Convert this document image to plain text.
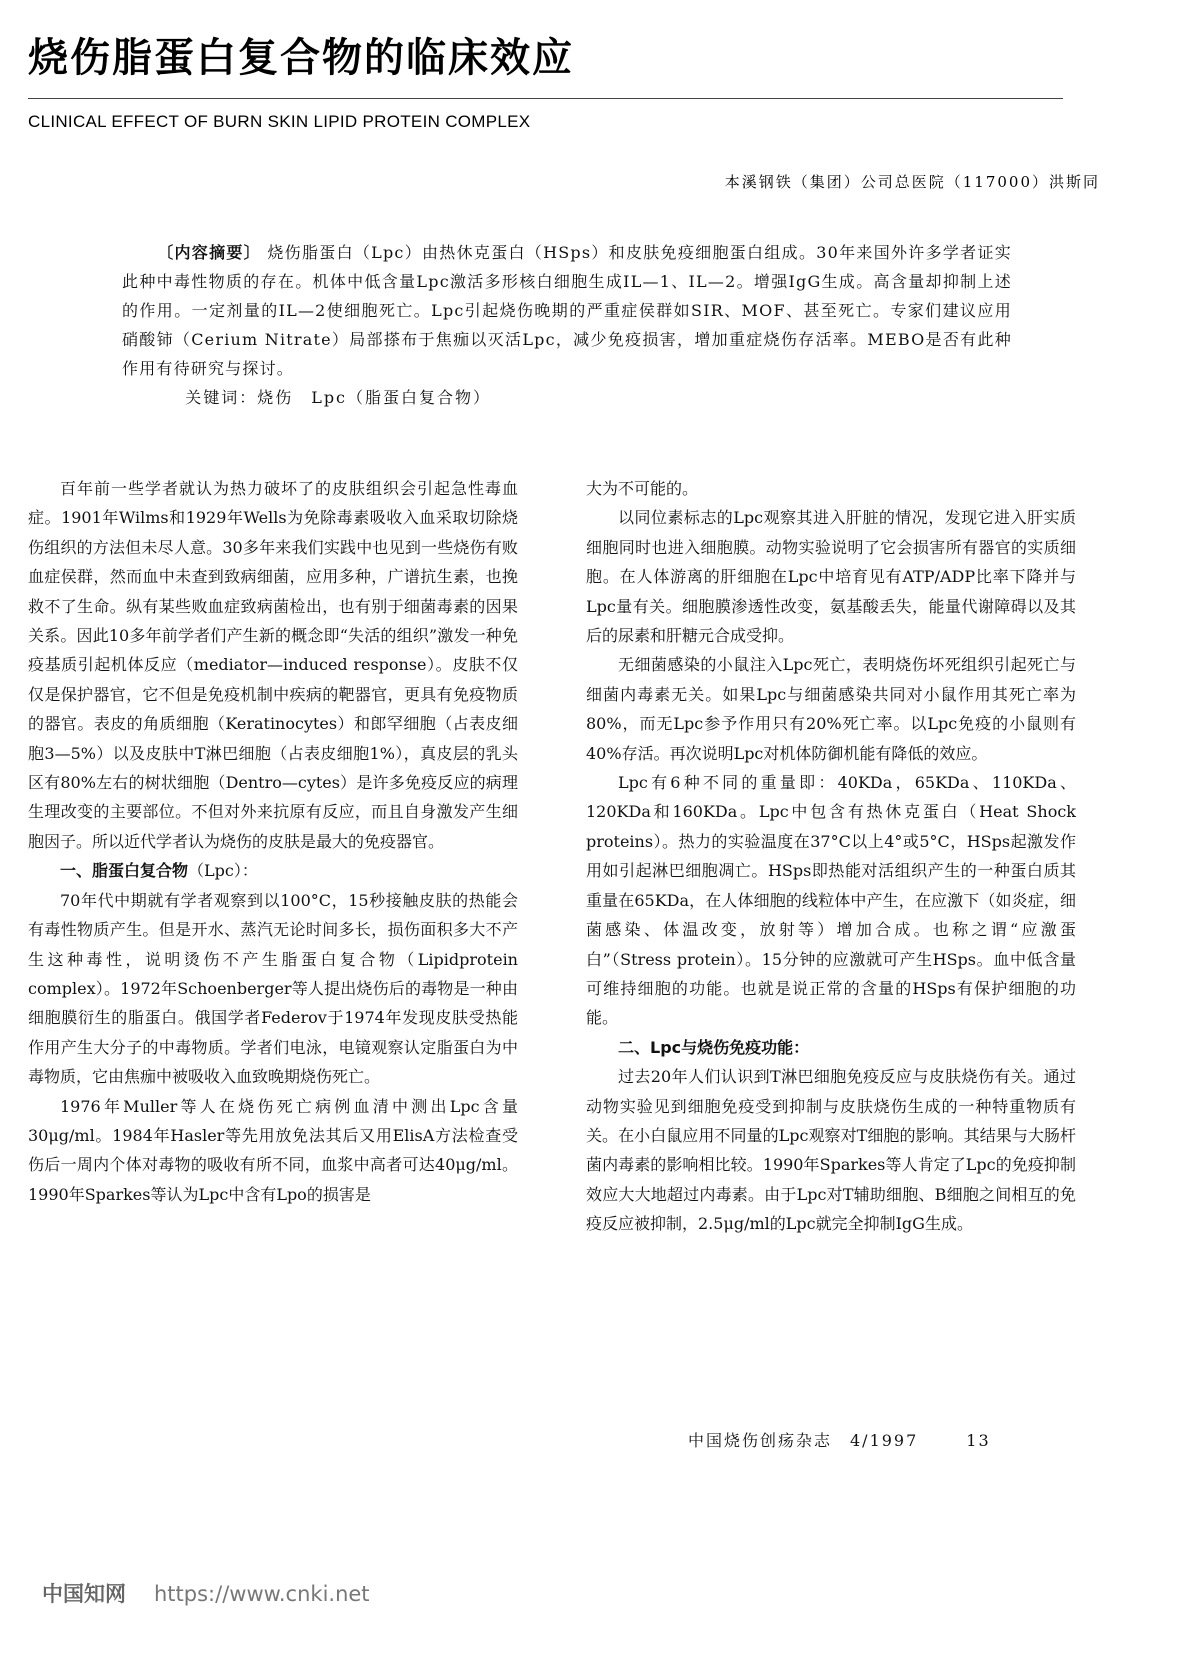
烧伤脂蛋白复合物的临床效应
CLINICAL EFFECT OF BURN SKIN LIPID PROTEIN COMPLEX
本溪钢铁（集团）公司总医院（117000）洪斯同

〔内容摘要〕 烧伤脂蛋白（Lpc）由热休克蛋白（HSps）和皮肤免疫细胞蛋白组成。30年来国外许多学者证实此种中毒性物质的存在。机体中低含量Lpc激活多形核白细胞生成IL—1、IL—2。增强IgG生成。高含量却抑制上述的作用。一定剂量的IL—2使细胞死亡。Lpc引起烧伤晚期的严重症侯群如SIR、MOF、甚至死亡。专家们建议应用硝酸铈（Cerium Nitrate）局部搽布于焦痂以灭活Lpc，减少免疫损害，增加重症烧伤存活率。MEBO是否有此种作用有待研究与探讨。

关键词：烧伤　Lpc（脂蛋白复合物）

百年前一些学者就认为热力破坏了的皮肤组织会引起急性毒血症。1901年Wilms和1929年Wells为免除毒素吸收入血采取切除烧伤组织的方法但未尽人意。30多年来我们实践中也见到一些烧伤有败血症侯群，然而血中未查到致病细菌，应用多种，广谱抗生素，也挽救不了生命。纵有某些败血症致病菌检出，也有别于细菌毒素的因果关系。因此10多年前学者们产生新的概念即“失活的组织”激发一种免疫基质引起机体反应（mediator—induced response）。皮肤不仅仅是保护器官，它不但是免疫机制中疾病的靶器官，更具有免疫物质的器官。表皮的角质细胞（Keratinocytes）和郎罕细胞（占表皮细胞3—5%）以及皮肤中T淋巴细胞（占表皮细胞1%），真皮层的乳头区有80%左右的树状细胞（Dentro—cytes）是许多免疫反应的病理生理改变的主要部位。不但对外来抗原有反应，而且自身激发产生细胞因子。所以近代学者认为烧伤的皮肤是最大的免疫器官。

一、脂蛋白复合物（Lpc）：

70年代中期就有学者观察到以100°C，15秒接触皮肤的热能会有毒性物质产生。但是开水、蒸汽无论时间多长，损伤面积多大不产生这种毒性，说明烫伤不产生脂蛋白复合物（Lipidprotein complex）。1972年Schoenberger等人提出烧伤后的毒物是一种由细胞膜衍生的脂蛋白。俄国学者Federov于1974年发现皮肤受热能作用产生大分子的中毒物质。学者们电泳，电镜观察认定脂蛋白为中毒物质，它由焦痂中被吸收入血致晚期烧伤死亡。

1976年Muller等人在烧伤死亡病例血清中测出Lpc含量30μg/ml。1984年Hasler等先用放免法其后又用ElisA方法检查受伤后一周内个体对毒物的吸收有所不同，血浆中高者可达40μg/ml。1990年Sparkes等认为Lpc中含有Lpo的损害是

大为不可能的。

以同位素标志的Lpc观察其进入肝脏的情况，发现它进入肝实质细胞同时也进入细胞膜。动物实验说明了它会损害所有器官的实质细胞。在人体游离的肝细胞在Lpc中培育见有ATP/ADP比率下降并与Lpc量有关。细胞膜渗透性改变，氨基酸丢失，能量代谢障碍以及其后的尿素和肝糖元合成受抑。

无细菌感染的小鼠注入Lpc死亡，表明烧伤坏死组织引起死亡与细菌内毒素无关。如果Lpc与细菌感染共同对小鼠作用其死亡率为80%，而无Lpc参予作用只有20%死亡率。以Lpc免疫的小鼠则有40%存活。再次说明Lpc对机体防御机能有降低的效应。

Lpc有6种不同的重量即：40KDa，65KDa、110KDa、120KDa和160KDa。Lpc中包含有热休克蛋白（Heat Shock proteins）。热力的实验温度在37°C以上4°或5°C，HSps起激发作用如引起淋巴细胞凋亡。HSps即热能对活组织产生的一种蛋白质其重量在65KDa，在人体细胞的线粒体中产生，在应激下（如炎症，细菌感染、体温改变，放射等）增加合成。也称之谓“应激蛋白”（Stress protein）。15分钟的应激就可产生HSps。血中低含量可维持细胞的功能。也就是说正常的含量的HSps有保护细胞的功能。

二、Lpc与烧伤免疫功能：

过去20年人们认识到T淋巴细胞免疫反应与皮肤烧伤有关。通过动物实验见到细胞免疫受到抑制与皮肤烧伤生成的一种特重物质有关。在小白鼠应用不同量的Lpc观察对T细胞的影响。其结果与大肠杆菌内毒素的影响相比较。1990年Sparkes等人肯定了Lpc的免疫抑制效应大大地超过内毒素。由于Lpc对T辅助细胞、B细胞之间相互的免疫反应被抑制，2.5μg/ml的Lpc就完全抑制IgG生成。

中国烧伤创疡杂志　4/1997	13
中国知网 https://www.cnki.net
